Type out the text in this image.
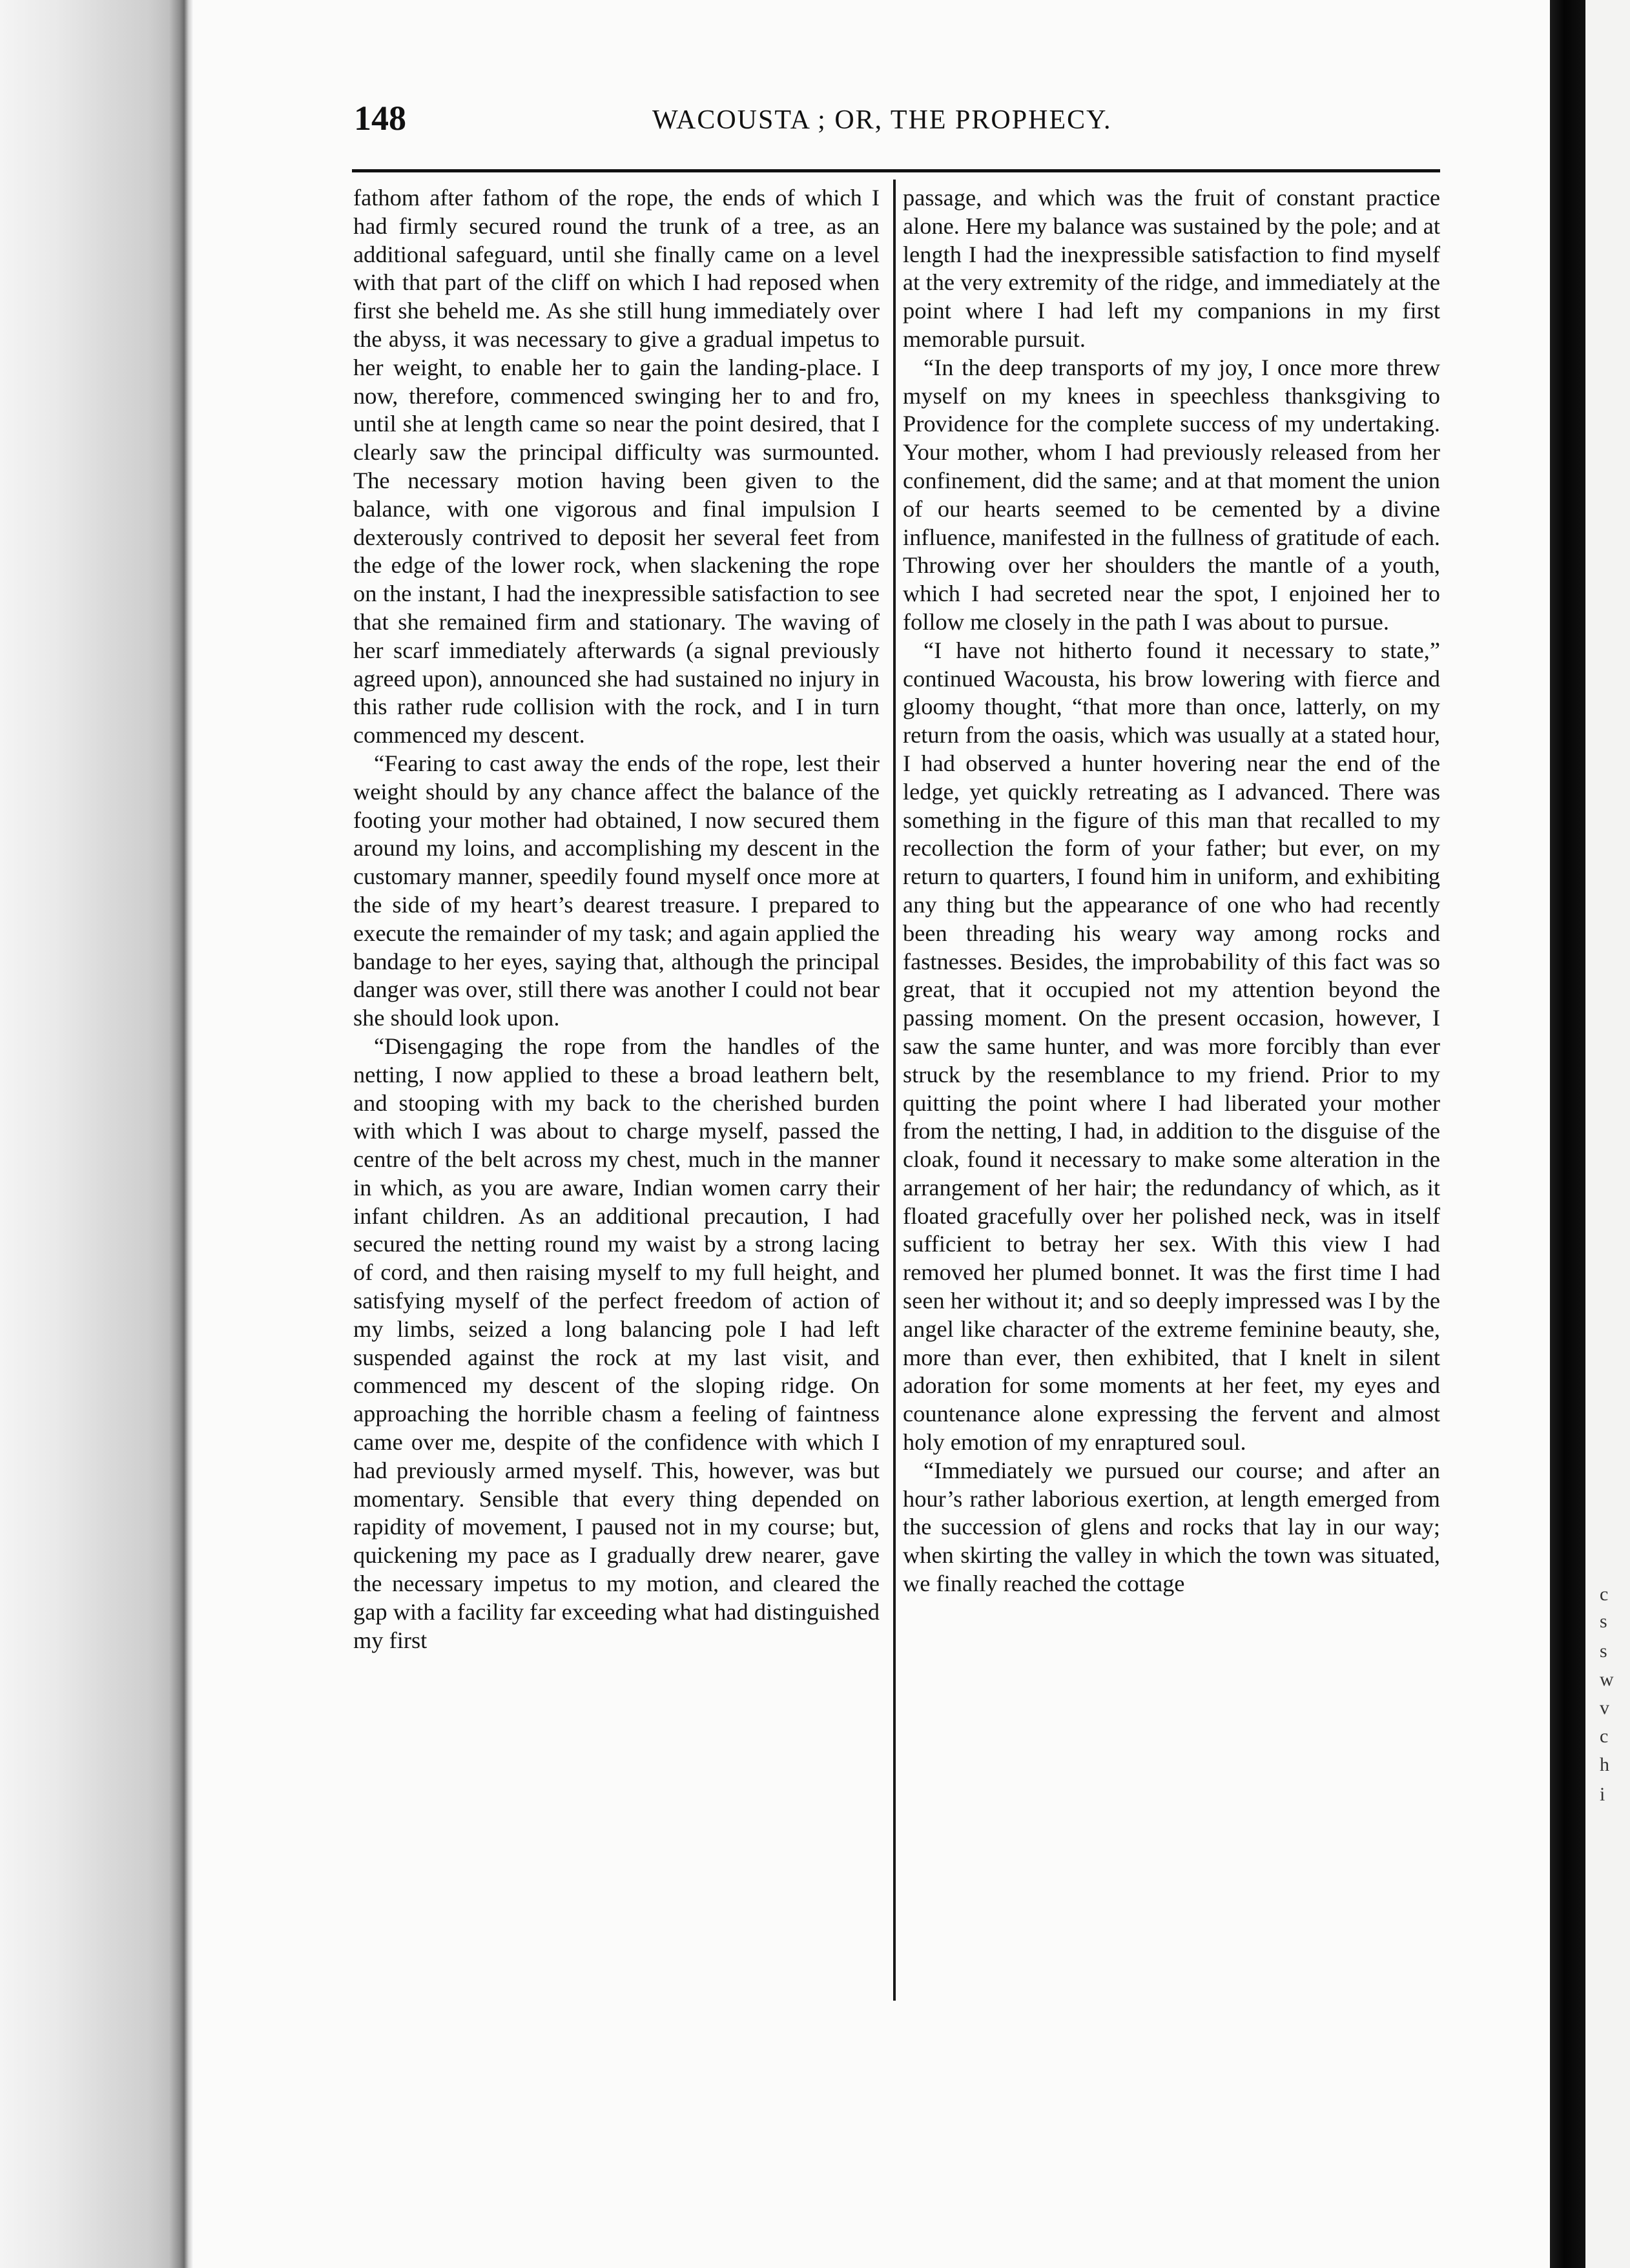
148	WACOUSTA ; OR, THE PROPHECY.

fathom after fathom of the rope, the ends of which I had firmly secured round the trunk of a tree, as an additional safeguard, until she finally came on a level with that part of the cliff on which I had reposed when first she beheld me. As she still hung immediately over the abyss, it was necessary to give a gradual impetus to her weight, to enable her to gain the landing-place. I now, therefore, commenced swinging her to and fro, until she at length came so near the point desired, that I clearly saw the principal difficulty was surmounted. The necessary motion having been given to the balance, with one vigorous and final impulsion I dexterously contrived to deposit her several feet from the edge of the lower rock, when slackening the rope on the instant, I had the inexpressible satisfaction to see that she remained firm and stationary. The waving of her scarf immediately afterwards (a signal previously agreed upon), announced she had sustained no injury in this rather rude collision with the rock, and I in turn commenced my descent.

“Fearing to cast away the ends of the rope, lest their weight should by any chance affect the balance of the footing your mother had obtained, I now secured them around my loins, and accomplishing my descent in the customary manner, speedily found myself once more at the side of my heart’s dearest treasure. I prepared to execute the remainder of my task; and again applied the bandage to her eyes, saying that, although the principal danger was over, still there was another I could not bear she should look upon.

“Disengaging the rope from the handles of the netting, I now applied to these a broad leathern belt, and stooping with my back to the cherished burden with which I was about to charge myself, passed the centre of the belt across my chest, much in the manner in which, as you are aware, Indian women carry their infant children. As an additional precaution, I had secured the netting round my waist by a strong lacing of cord, and then raising myself to my full height, and satisfying myself of the perfect freedom of action of my limbs, seized a long balancing pole I had left suspended against the rock at my last visit, and commenced my descent of the sloping ridge. On approaching the horrible chasm a feeling of faintness came over me, despite of the confidence with which I had previously armed myself. This, however, was but momentary. Sensible that every thing depended on rapidity of movement, I paused not in my course; but, quickening my pace as I gradually drew nearer, gave the necessary impetus to my motion, and cleared the gap with a facility far exceeding what had distinguished my first

passage, and which was the fruit of constant practice alone. Here my balance was sustained by the pole; and at length I had the inexpressible satisfaction to find myself at the very extremity of the ridge, and immediately at the point where I had left my companions in my first memorable pursuit.

“In the deep transports of my joy, I once more threw myself on my knees in speechless thanksgiving to Providence for the complete success of my undertaking. Your mother, whom I had previously released from her confinement, did the same; and at that moment the union of our hearts seemed to be cemented by a divine influence, manifested in the fullness of gratitude of each. Throwing over her shoulders the mantle of a youth, which I had secreted near the spot, I enjoined her to follow me closely in the path I was about to pursue.

“I have not hitherto found it necessary to state,” continued Wacousta, his brow lowering with fierce and gloomy thought, “that more than once, latterly, on my return from the oasis, which was usually at a stated hour, I had observed a hunter hovering near the end of the ledge, yet quickly retreating as I advanced. There was something in the figure of this man that recalled to my recollection the form of your father; but ever, on my return to quarters, I found him in uniform, and exhibiting any thing but the appearance of one who had recently been threading his weary way among rocks and fastnesses. Besides, the improbability of this fact was so great, that it occupied not my attention beyond the passing moment. On the present occasion, however, I saw the same hunter, and was more forcibly than ever struck by the resemblance to my friend. Prior to my quitting the point where I had liberated your mother from the netting, I had, in addition to the disguise of the cloak, found it necessary to make some alteration in the arrangement of her hair; the redundancy of which, as it floated gracefully over her polished neck, was in itself sufficient to betray her sex. With this view I had removed her plumed bonnet. It was the first time I had seen her without it; and so deeply impressed was I by the angel like character of the extreme feminine beauty, she, more than ever, then exhibited, that I knelt in silent adoration for some moments at her feet, my eyes and countenance alone expressing the fervent and almost holy emotion of my enraptured soul.

“Immediately we pursued our course; and after an hour’s rather laborious exertion, at length emerged from the succession of glens and rocks that lay in our way; when skirting the valley in which the town was situated, we finally reached the cottage	c
s
s
w
v
c
h
i
